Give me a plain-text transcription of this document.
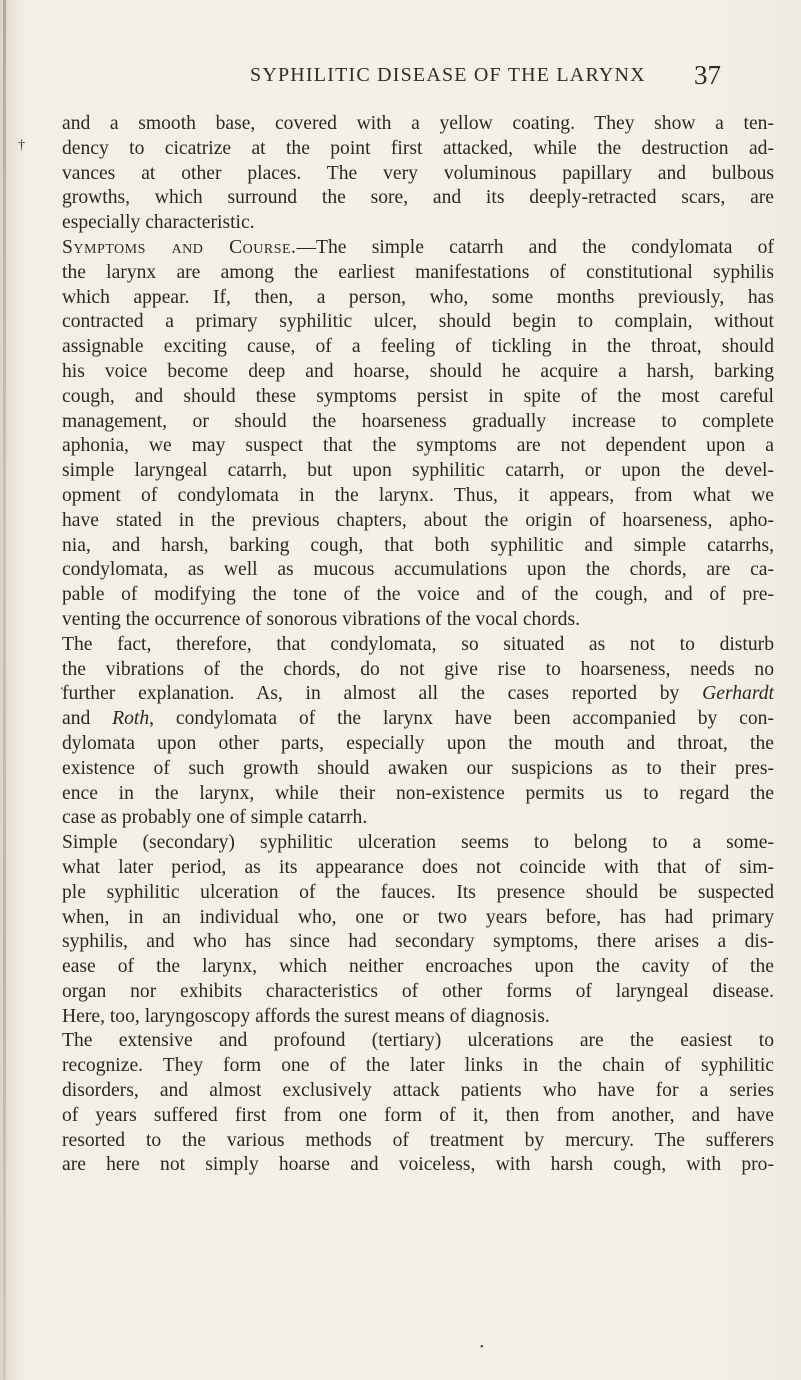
SYPHILITIC DISEASE OF THE LARYNX 37
†
.
•
and a smooth base, covered with a yellow coating. They show a ten-
dency to cicatrize at the point first attacked, while the destruction ad-
vances at other places. The very voluminous papillary and bulbous
growths, which surround the sore, and its deeply-retracted scars, are
especially characteristic.
Symptoms and Course.—The simple catarrh and the condylomata of
the larynx are among the earliest manifestations of constitutional syphilis
which appear. If, then, a person, who, some months previously, has
contracted a primary syphilitic ulcer, should begin to complain, without
assignable exciting cause, of a feeling of tickling in the throat, should
his voice become deep and hoarse, should he acquire a harsh, barking
cough, and should these symptoms persist in spite of the most careful
management, or should the hoarseness gradually increase to complete
aphonia, we may suspect that the symptoms are not dependent upon a
simple laryngeal catarrh, but upon syphilitic catarrh, or upon the devel-
opment of condylomata in the larynx. Thus, it appears, from what we
have stated in the previous chapters, about the origin of hoarseness, apho-
nia, and harsh, barking cough, that both syphilitic and simple catarrhs,
condylomata, as well as mucous accumulations upon the chords, are ca-
pable of modifying the tone of the voice and of the cough, and of pre-
venting the occurrence of sonorous vibrations of the vocal chords.
The fact, therefore, that condylomata, so situated as not to disturb
the vibrations of the chords, do not give rise to hoarseness, needs no
further explanation. As, in almost all the cases reported by Gerhardt
and Roth, condylomata of the larynx have been accompanied by con-
dylomata upon other parts, especially upon the mouth and throat, the
existence of such growth should awaken our suspicions as to their pres-
ence in the larynx, while their non-existence permits us to regard the
case as probably one of simple catarrh.
Simple (secondary) syphilitic ulceration seems to belong to a some-
what later period, as its appearance does not coincide with that of sim-
ple syphilitic ulceration of the fauces. Its presence should be suspected
when, in an individual who, one or two years before, has had primary
syphilis, and who has since had secondary symptoms, there arises a dis-
ease of the larynx, which neither encroaches upon the cavity of the
organ nor exhibits characteristics of other forms of laryngeal disease.
Here, too, laryngoscopy affords the surest means of diagnosis.
The extensive and profound (tertiary) ulcerations are the easiest to
recognize. They form one of the later links in the chain of syphilitic
disorders, and almost exclusively attack patients who have for a series
of years suffered first from one form of it, then from another, and have
resorted to the various methods of treatment by mercury. The sufferers
are here not simply hoarse and voiceless, with harsh cough, with pro-
